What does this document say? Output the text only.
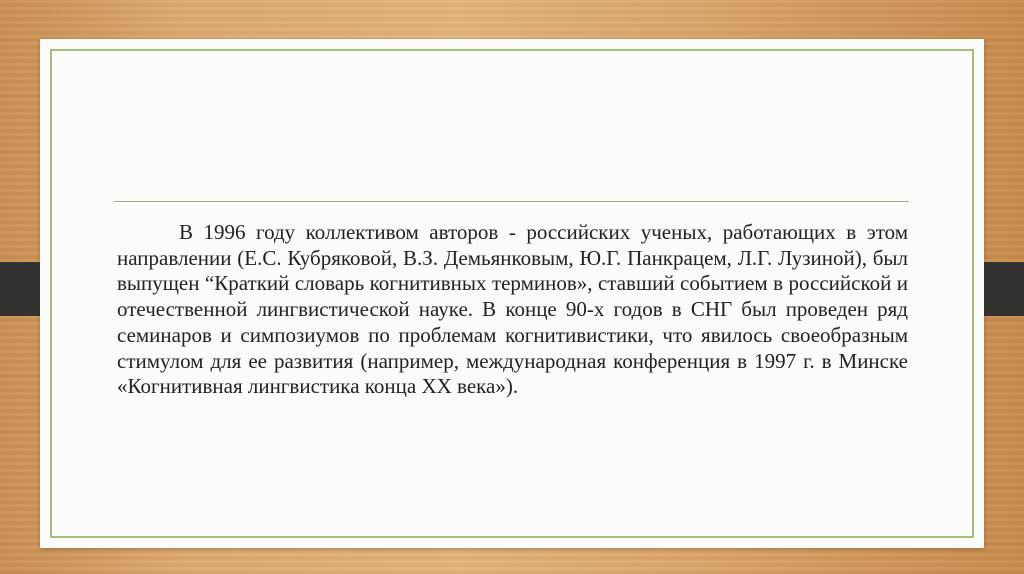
В 1996 году коллективом авторов - российских ученых, работающих в этом направлении (Е.С. Кубряковой, В.З. Демьянковым, Ю.Г. Панкрацем, Л.Г. Лузиной), был выпущен “Краткий словарь когнитивных терминов», ставший событием в российской и отечественной лингвистической науке. В конце 90-х годов в СНГ был проведен ряд семинаров и симпозиумов по проблемам когнитивистики, что явилось своеобразным стимулом для ее развития (например, международная конференция в 1997 г. в Минске «Когнитивная лингвистика конца XX века»).
